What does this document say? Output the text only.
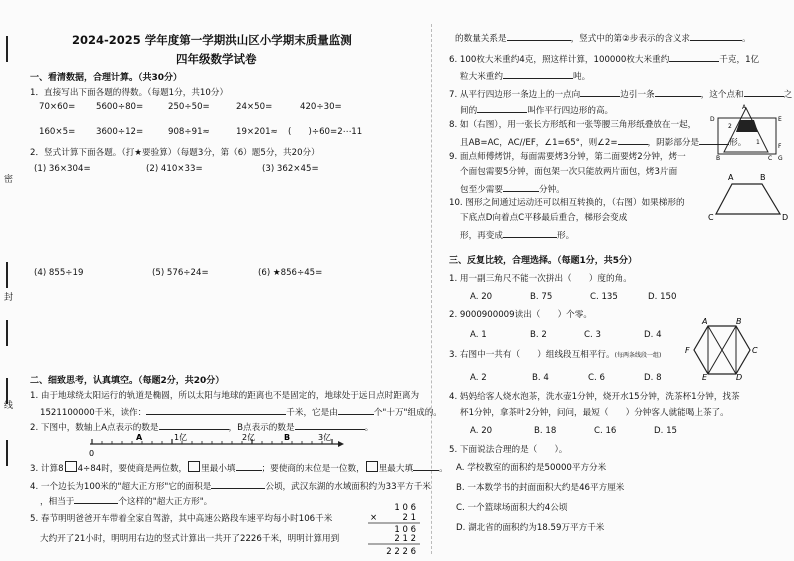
密
封
线
2024-2025 学年度第一学期洪山区小学期末质量监测
四年级数学试卷
一、看清数据，合理计算。（共30分）
1．直接写出下面各题的得数。（每题1分，共10分）
70×60= 5600÷80=	250÷50=	24×50=	420÷30=
160×5= 3600÷12=	908÷91≈	19×201≈ (　　)÷60=2⋯11
2．竖式计算下面各题。（打★要验算）（每题3分，第（6）题5分，共20分）
(1) 36×304=	(2) 410×33=	(3) 362×45=
(4) 855÷19	(5) 576÷24=	(6) ★856÷45=
二、细致思考，认真填空。（每题2分，共20分）
1. 由于地球绕太阳运行的轨道是椭圆，所以太阳与地球的距离也不是固定的，地球处于远日点时距离为
1521100000千米，读作：	千米，它是由	个"十万"组成的。
2. 下图中，数轴上A点表示的数是	，B点表示的数是	。
0
A	1亿	2亿	B	3亿
3. 计算8 4÷84时，要使商是两位数， 里最小填	；要使商的末位是一位数， 里最大填	。
4. 一个边长为100米的"超大正方形"它的面积是	公顷，武汉东湖的水域面积约为33平方千米
，相当于	个这样的"超大正方形"。
5. 春节明明爸爸开车带着全家自驾游，其中高速公路段车速平均每小时106千米
大约开了21小时，明明用右边的竖式计算出一共开了2226千米，明明计算用到
1 0 6
×	2 1
1 0 6
2 1 2
2 2 2 6
的数量关系是	，竖式中的第②步表示的含义求	。
6. 100枚大米重约4克，照这样计算，100000枚大米重约	千克，1亿
粒大米重约	吨。
7. 从平行四边形一条边上的一点向	边引一条	，这个点和	之
间的	叫作平行四边形的高。
8. 如（右图），用一张长方形纸和一张等腰三角形纸叠放在一起，
且AB=AC，AC//EF，∠1=65°，则∠2=	，阴影部分是	形。
A
D	E
B
F
C G
1
2
9. 面点师傅烤饼，每面需要烤3分钟，第二面要烤2分钟，烤一
个面包需要5分钟，面包架一次只能放两片面包，烤3片面
包至少需要	分钟。
10. 图形之间通过运动还可以相互转换的，（右图）如果梯形的
下底点D向着点C平移最后重合，梯形会变成
形，再变成	形。
A	B
C	D
三、反复比较，合理选择。（每题1分，共5分）
1. 用一副三角尺不能一次拼出（　　）度的角。
A. 20	B. 75	C. 135	D. 150
2. 9000900009读出（　　）个零。
A. 1	B. 2	C. 3	D. 4
3. 右图中一共有（　　）组线段互相平行。(每两条线段一组)
A. 2	B. 4	C. 6	D. 8
A	B
C
D
E
F
4. 妈妈给客人烧水泡茶，洗水壶1分钟，烧开水15分钟，洗茶杯1分钟，找茶
杯1分钟，拿茶叶2分钟，问问，最短（　　）分钟客人就能喝上茶了。
A. 20	B. 18	C. 16	D. 15
5. 下面说法合理的是（　　）。
A. 学校教室的面积约是50000平方分米
B. 一本数学书的封面面积大约是46平方厘米
C. 一个篮球场面积大约4公顷
D. 湖北省的面积约为18.59万平方千米
